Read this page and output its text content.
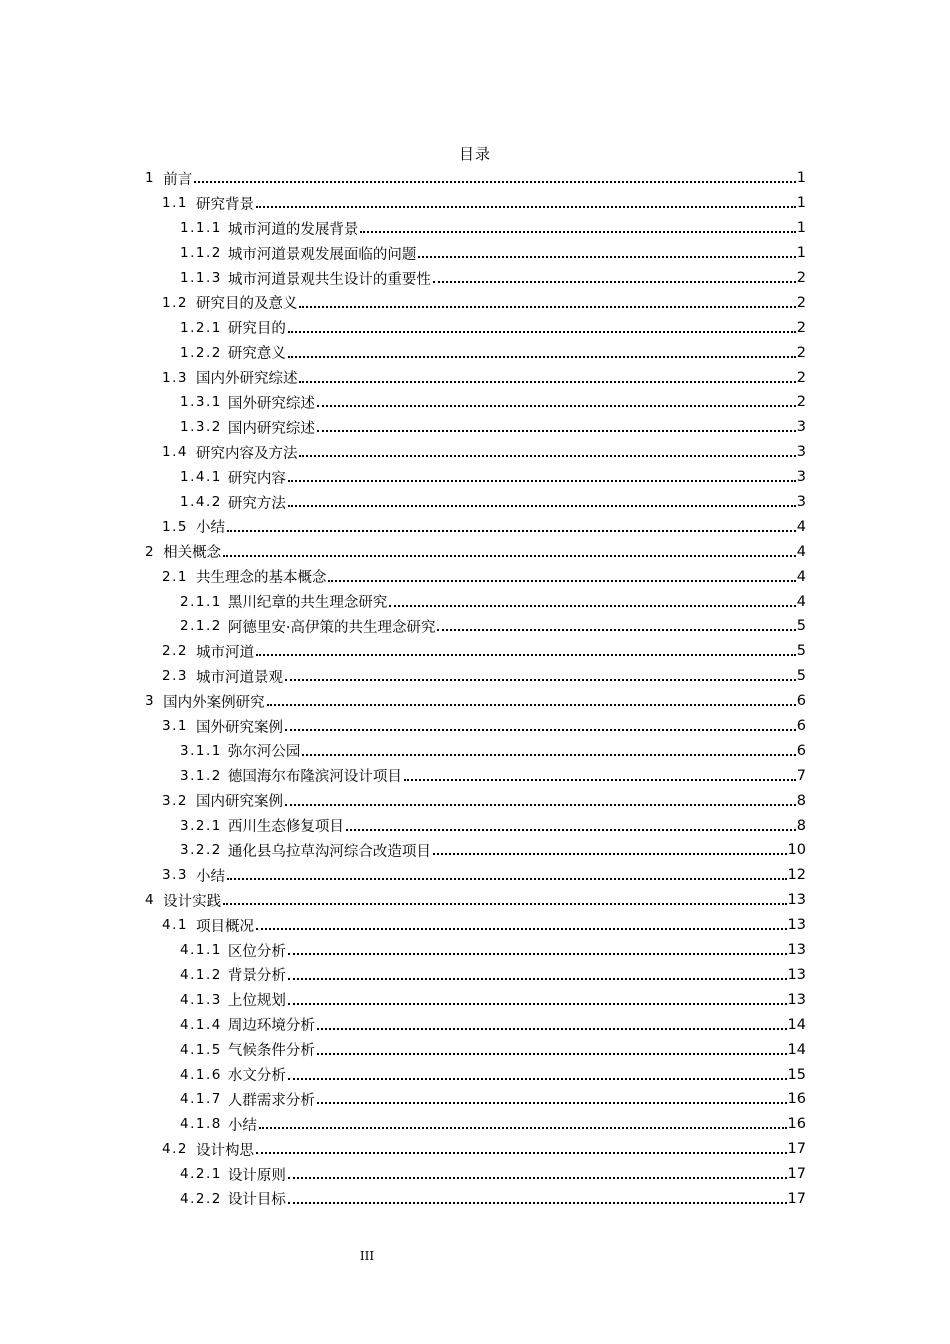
目录
1 前言	1
1.1 研究背景	1
1.1.1 城市河道的发展背景	1
1.1.2 城市河道景观发展面临的问题	1
1.1.3 城市河道景观共生设计的重要性	2
1.2 研究目的及意义	2
1.2.1 研究目的	2
1.2.2 研究意义	2
1.3 国内外研究综述	2
1.3.1 国外研究综述	2
1.3.2 国内研究综述	3
1.4 研究内容及方法	3
1.4.1 研究内容	3
1.4.2 研究方法	3
1.5 小结	4
2 相关概念	4
2.1 共生理念的基本概念	4
2.1.1 黑川纪章的共生理念研究	4
2.1.2 阿德里安·高伊策的共生理念研究	5
2.2 城市河道	5
2.3 城市河道景观	5
3 国内外案例研究	6
3.1 国外研究案例	6
3.1.1 弥尔河公园	6
3.1.2 德国海尔布隆滨河设计项目	7
3.2 国内研究案例	8
3.2.1 西川生态修复项目	8
3.2.2 通化县乌拉草沟河综合改造项目	10
3.3 小结	12
4 设计实践	13
4.1 项目概况	13
4.1.1 区位分析	13
4.1.2 背景分析	13
4.1.3 上位规划	13
4.1.4 周边环境分析	14
4.1.5 气候条件分析	14
4.1.6 水文分析	15
4.1.7 人群需求分析	16
4.1.8 小结	16
4.2 设计构思	17
4.2.1 设计原则	17
4.2.2 设计目标	17
III
